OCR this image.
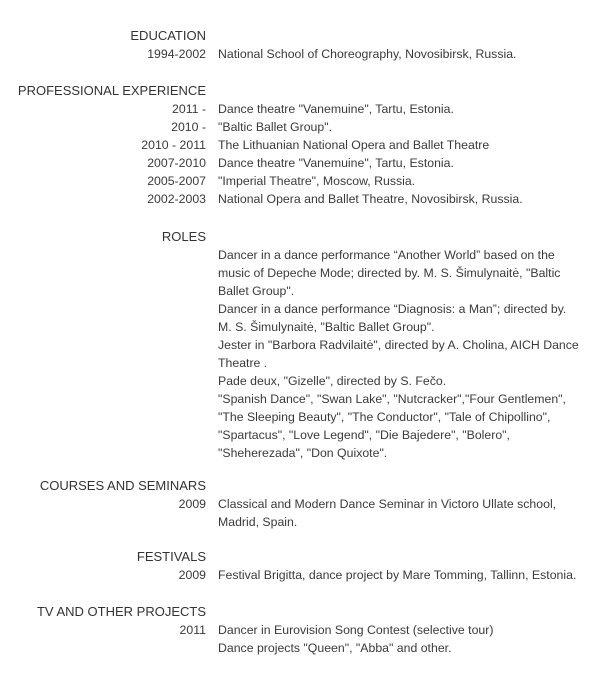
EDUCATION
1994-2002 National School of Choreography, Novosibirsk, Russia.
PROFESSIONAL EXPERIENCE
2011 - Dance theatre "Vanemuine", Tartu, Estonia.
2010 - "Baltic Ballet Group".
2010 - 2011 The Lithuanian National Opera and Ballet Theatre
2007-2010 Dance theatre "Vanemuine", Tartu, Estonia.
2005-2007 "Imperial Theatre", Moscow, Russia.
2002-2003 National Opera and Ballet Theatre, Novosibirsk, Russia.
ROLES
Dancer in a dance performance “Another World” based on the
music of Depeche Mode; directed by. M. S. Šimulynaitė, "Baltic
Ballet Group".
Dancer in a dance performance “Diagnosis: a Man”; directed by.
M. S. Šimulynaitė, "Baltic Ballet Group".
Jester in "Barbora Radvilaitė", directed by A. Cholina, AICH Dance
Theatre .
Pade deux, "Gizelle", directed by S. Fečo.
"Spanish Dance", "Swan Lake", "Nutcracker","Four Gentlemen",
"The Sleeping Beauty", "The Conductor", "Tale of Chipollino",
"Spartacus", "Love Legend", "Die Bajedere", "Bolero",
"Sheherezada", "Don Quixote".
COURSES AND SEMINARS
2009 Classical and Modern Dance Seminar in Victoro Ullate school,
Madrid, Spain.
FESTIVALS
2009 Festival Brigitta, dance project by Mare Tomming, Tallinn, Estonia.
TV AND OTHER PROJECTS
2011 Dancer in Eurovision Song Contest (selective tour)
Dance projects "Queen", "Abba" and other.
